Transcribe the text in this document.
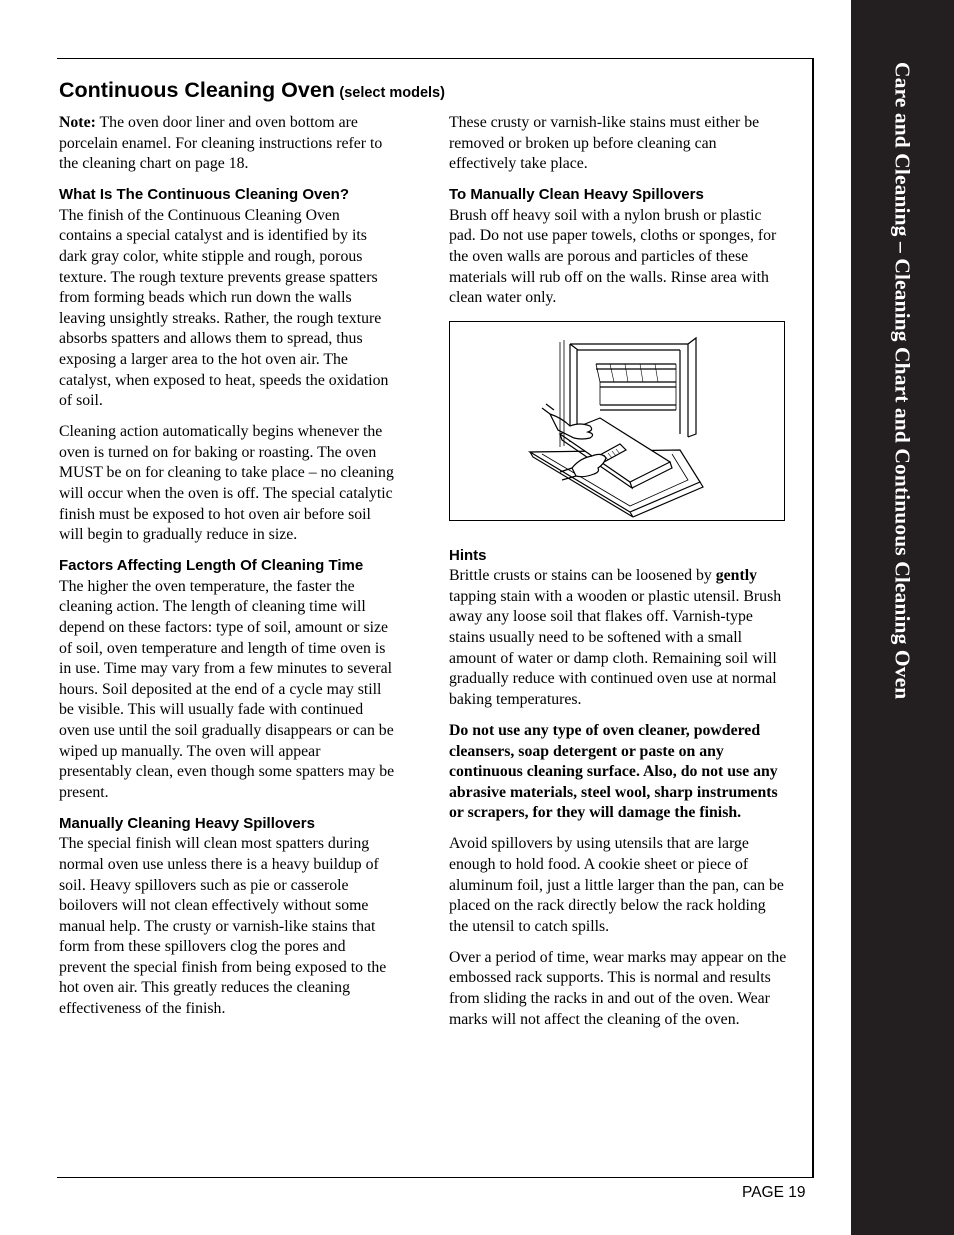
Care and Cleaning – Cleaning Chart and Continuous Cleaning Oven
Continuous Cleaning Oven (select models)

Note: The oven door liner and oven bottom are porcelain enamel. For cleaning instructions refer to the cleaning chart on page 18.

What Is The Continuous Cleaning Oven?

The finish of the Continuous Cleaning Oven contains a special catalyst and is identified by its dark gray color, white stipple and rough, porous texture. The rough texture prevents grease spatters from forming beads which run down the walls leaving unsightly streaks. Rather, the rough texture absorbs spatters and allows them to spread, thus exposing a larger area to the hot oven air. The catalyst, when exposed to heat, speeds the oxidation of soil.

Cleaning action automatically begins whenever the oven is turned on for baking or roasting. The oven MUST be on for cleaning to take place – no cleaning will occur when the oven is off. The special catalytic finish must be exposed to hot oven air before soil will begin to gradually reduce in size.

Factors Affecting Length Of Cleaning Time

The higher the oven temperature, the faster the cleaning action. The length of cleaning time will depend on these factors: type of soil, amount or size of soil, oven temperature and length of time oven is in use. Time may vary from a few minutes to several hours. Soil deposited at the end of a cycle may still be visible. This will usually fade with continued oven use until the soil gradually disappears or can be wiped up manually. The oven will appear presentably clean, even though some spatters may be present.

Manually Cleaning Heavy Spillovers

The special finish will clean most spatters during normal oven use unless there is a heavy buildup of soil. Heavy spillovers such as pie or casserole boilovers will not clean effectively without some manual help. The crusty or varnish-like stains that form from these spillovers clog the pores and prevent the special finish from being exposed to the hot oven air. This greatly reduces the cleaning effectiveness of the finish.

These crusty or varnish-like stains must either be removed or broken up before cleaning can effectively take place.

To Manually Clean Heavy Spillovers

Brush off heavy soil with a nylon brush or plastic pad. Do not use paper towels, cloths or sponges, for the oven walls are porous and particles of these materials will rub off on the walls. Rinse area with clean water only.

Hints

Brittle crusts or stains can be loosened by gently tapping stain with a wooden or plastic utensil. Brush away any loose soil that flakes off. Varnish-type stains usually need to be softened with a small amount of water or damp cloth. Remaining soil will gradually reduce with continued oven use at normal baking temperatures.

Do not use any type of oven cleaner, powdered cleansers, soap detergent or paste on any continuous cleaning surface. Also, do not use any abrasive materials, steel wool, sharp instruments or scrapers, for they will damage the finish.

Avoid spillovers by using utensils that are large enough to hold food. A cookie sheet or piece of aluminum foil, just a little larger than the pan, can be placed on the rack directly below the rack holding the utensil to catch spills.

Over a period of time, wear marks may appear on the embossed rack supports. This is normal and results from sliding the racks in and out of the oven. Wear marks will not affect the cleaning of the oven.

PAGE 19
